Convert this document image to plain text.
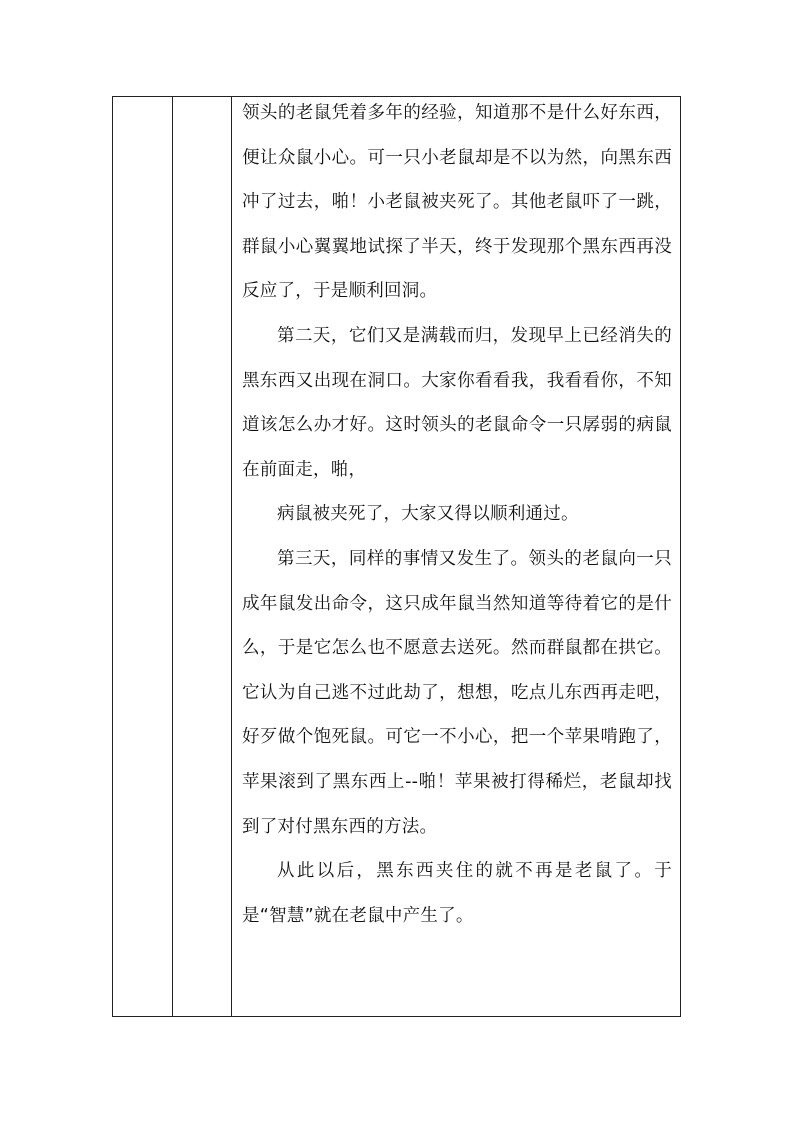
领头的老鼠凭着多年的经验，知道那不是什么好东西，便让众鼠小心。可一只小老鼠却是不以为然，向黑东西冲了过去，啪！小老鼠被夹死了。其他老鼠吓了一跳，群鼠小心翼翼地试探了半天，终于发现那个黑东西再没反应了，于是顺利回洞。

第二天，它们又是满载而归，发现早上已经消失的黑东西又出现在洞口。大家你看看我，我看看你，不知道该怎么办才好。这时领头的老鼠命令一只孱弱的病鼠在前面走，啪，

病鼠被夹死了，大家又得以顺利通过。

第三天，同样的事情又发生了。领头的老鼠向一只成年鼠发出命令，这只成年鼠当然知道等待着它的是什么，于是它怎么也不愿意去送死。然而群鼠都在拱它。它认为自己逃不过此劫了，想想，吃点儿东西再走吧，好歹做个饱死鼠。可它一不小心，把一个苹果啃跑了，苹果滚到了黑东西上--啪！苹果被打得稀烂，老鼠却找到了对付黑东西的方法。

从此以后，黑东西夹住的就不再是老鼠了。于是“智慧”就在老鼠中产生了。
